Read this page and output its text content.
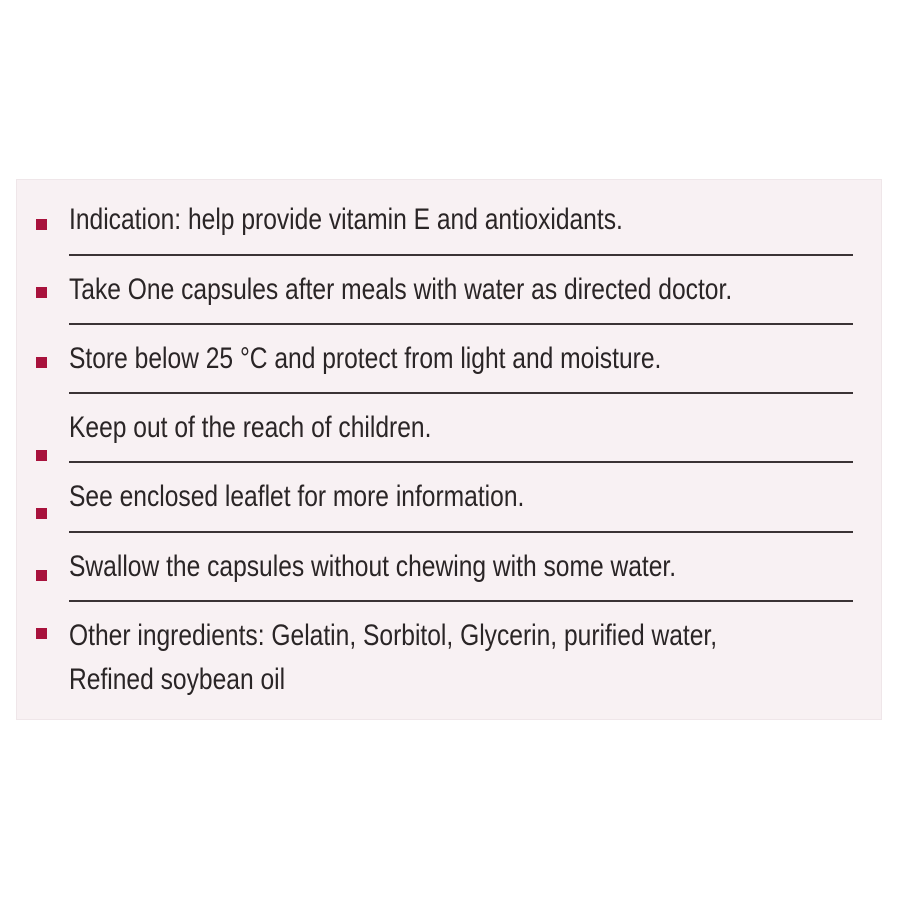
Indication: help provide vitamin E and antioxidants.
Take One capsules after meals with water as directed doctor.
Store below 25 °C and protect from light and moisture.
Keep out of the reach of children.
See enclosed leaflet for more information.
Swallow the capsules without chewing with some water.
Other ingredients: Gelatin, Sorbitol, Glycerin, purified water,
Refined soybean oil
